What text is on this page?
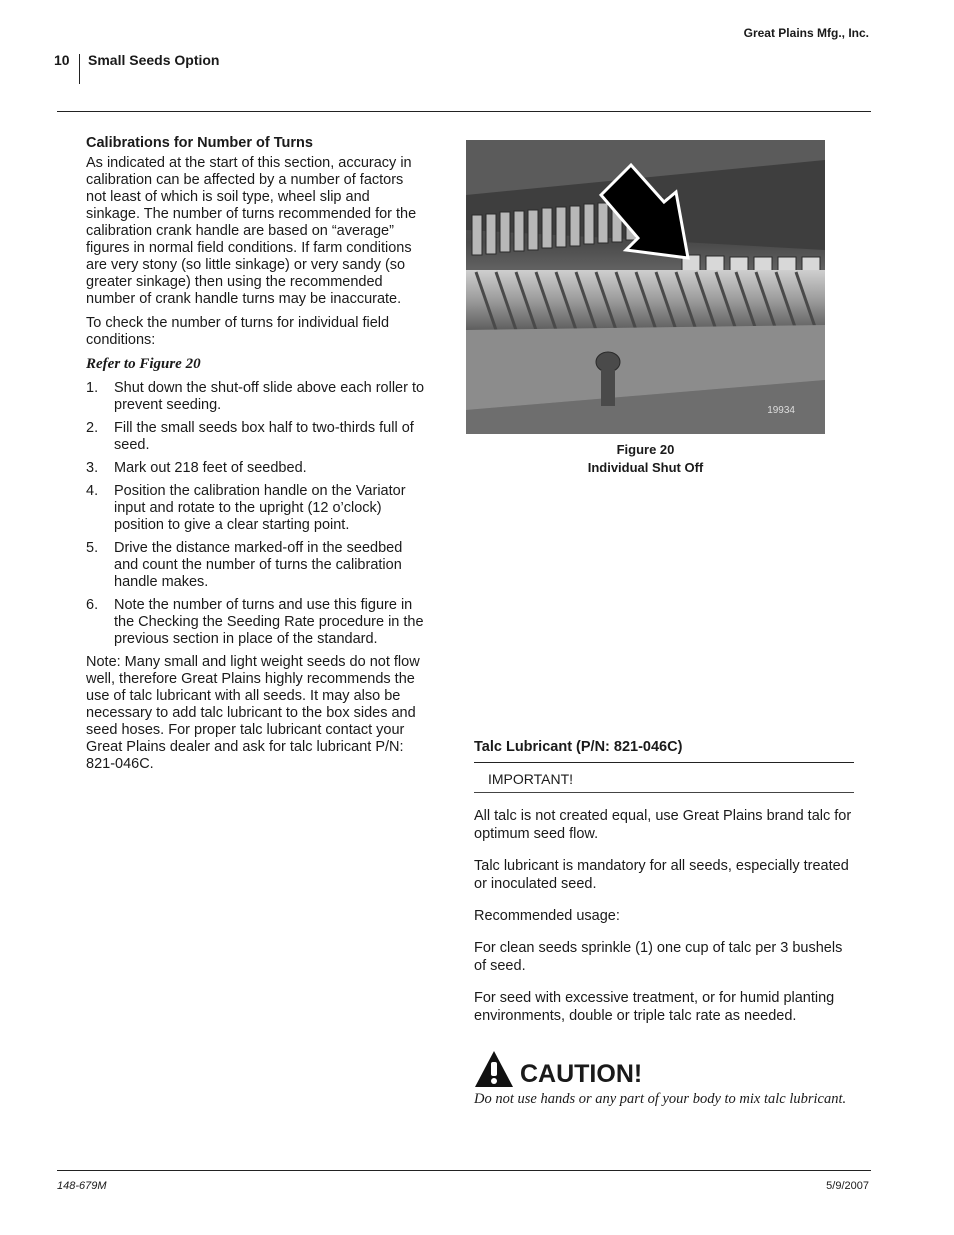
Great Plains Mfg., Inc.
10 Small Seeds Option

Calibrations for Number of Turns

As indicated at the start of this section, accuracy in calibration can be affected by a number of factors not least of which is soil type, wheel slip and sinkage. The number of turns recommended for the calibration crank handle are based on “average” figures in normal field conditions. If farm conditions are very stony (so little sinkage) or very sandy (so greater sinkage) then using the recommended number of crank handle turns may be inaccurate.

To check the number of turns for individual field conditions:

Refer to Figure 20

1. Shut down the shut-off slide above each roller to prevent seeding.
2. Fill the small seeds box half to two-thirds full of seed.
3. Mark out 218 feet of seedbed.
4. Position the calibration handle on the Variator input and rotate to the upright (12 o’clock) position to give a clear starting point.
5. Drive the distance marked-off in the seedbed and count the number of turns the calibration handle makes.
6. Note the number of turns and use this figure in the Checking the Seeding Rate procedure in the previous section in place of the standard.

Note: Many small and light weight seeds do not flow well, therefore Great Plains highly recommends the use of talc lubricant with all seeds. It may also be necessary to add talc lubricant to the box sides and seed hoses. For proper talc lubricant contact your Great Plains dealer and ask for talc lubricant P/N: 821-046C.

19934
Figure 20
Individual Shut Off

Talc Lubricant (P/N: 821-046C)

IMPORTANT!

All talc is not created equal, use Great Plains brand talc for optimum seed flow.

Talc lubricant is mandatory for all seeds, especially treated or inoculated seed.

Recommended usage:

For clean seeds sprinkle (1) one cup of talc per 3 bushels of seed.

For seed with excessive treatment, or for humid planting environments, double or triple talc rate as needed.

CAUTION!
Do not use hands or any part of your body to mix talc lubricant.
148-679M	5/9/2007
